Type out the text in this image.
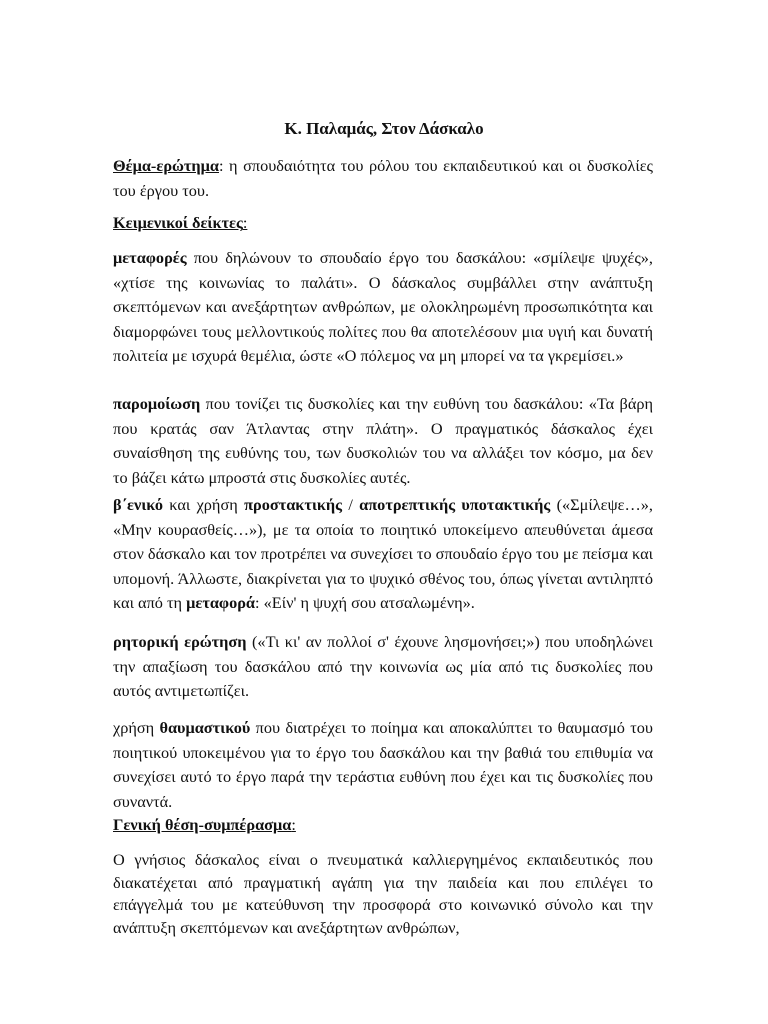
Κ. Παλαμάς, Στον Δάσκαλο

Θέμα-ερώτημα: η σπουδαιότητα του ρόλου του εκπαιδευτικού και οι δυσκολίες του έργου του.

Κειμενικοί δείκτες:

μεταφορές που δηλώνουν το σπουδαίο έργο του δασκάλου: «σμίλεψε ψυχές», «χτίσε της κοινωνίας το παλάτι». Ο δάσκαλος συμβάλλει στην ανάπτυξη σκεπτόμενων και ανεξάρτητων ανθρώπων, με ολοκληρωμένη προσωπικότητα και διαμορφώνει τους μελλοντικούς πολίτες που θα αποτελέσουν μια υγιή και δυνατή πολιτεία με ισχυρά θεμέλια, ώστε «Ο πόλεμος να μη μπορεί να τα γκρεμίσει.»

παρομοίωση που τονίζει τις δυσκολίες και την ευθύνη του δασκάλου: «Τα βάρη που κρατάς σαν Άτλαντας στην πλάτη». Ο πραγματικός δάσκαλος έχει συναίσθηση της ευθύνης του, των δυσκολιών του να αλλάξει τον κόσμο, μα δεν το βάζει κάτω μπροστά στις δυσκολίες αυτές.

β΄ενικό και χρήση προστακτικής / αποτρεπτικής υποτακτικής («Σμίλεψε…», «Μην κουρασθείς…»), με τα οποία το ποιητικό υποκείμενο απευθύνεται άμεσα στον δάσκαλο και τον προτρέπει να συνεχίσει το σπουδαίο έργο του με πείσμα και υπομονή. Άλλωστε, διακρίνεται για το ψυχικό σθένος του, όπως γίνεται αντιληπτό και από τη μεταφορά: «Είν' η ψυχή σου ατσαλωμένη».

ρητορική ερώτηση («Τι κι' αν πολλοί σ' έχουνε λησμονήσει;») που υποδηλώνει την απαξίωση του δασκάλου από την κοινωνία ως μία από τις δυσκολίες που αυτός αντιμετωπίζει.

χρήση θαυμαστικού που διατρέχει το ποίημα και αποκαλύπτει το θαυμασμό του ποιητικού υποκειμένου για το έργο του δασκάλου και την βαθιά του επιθυμία να συνεχίσει αυτό το έργο παρά την τεράστια ευθύνη που έχει και τις δυσκολίες που συναντά.

Γενική θέση-συμπέρασμα:

Ο γνήσιος δάσκαλος είναι ο πνευματικά καλλιεργημένος εκπαιδευτικός που διακατέχεται από πραγματική αγάπη για την παιδεία και που επιλέγει το επάγγελμά του με κατεύθυνση την προσφορά στο κοινωνικό σύνολο και την ανάπτυξη σκεπτόμενων και ανεξάρτητων ανθρώπων,
